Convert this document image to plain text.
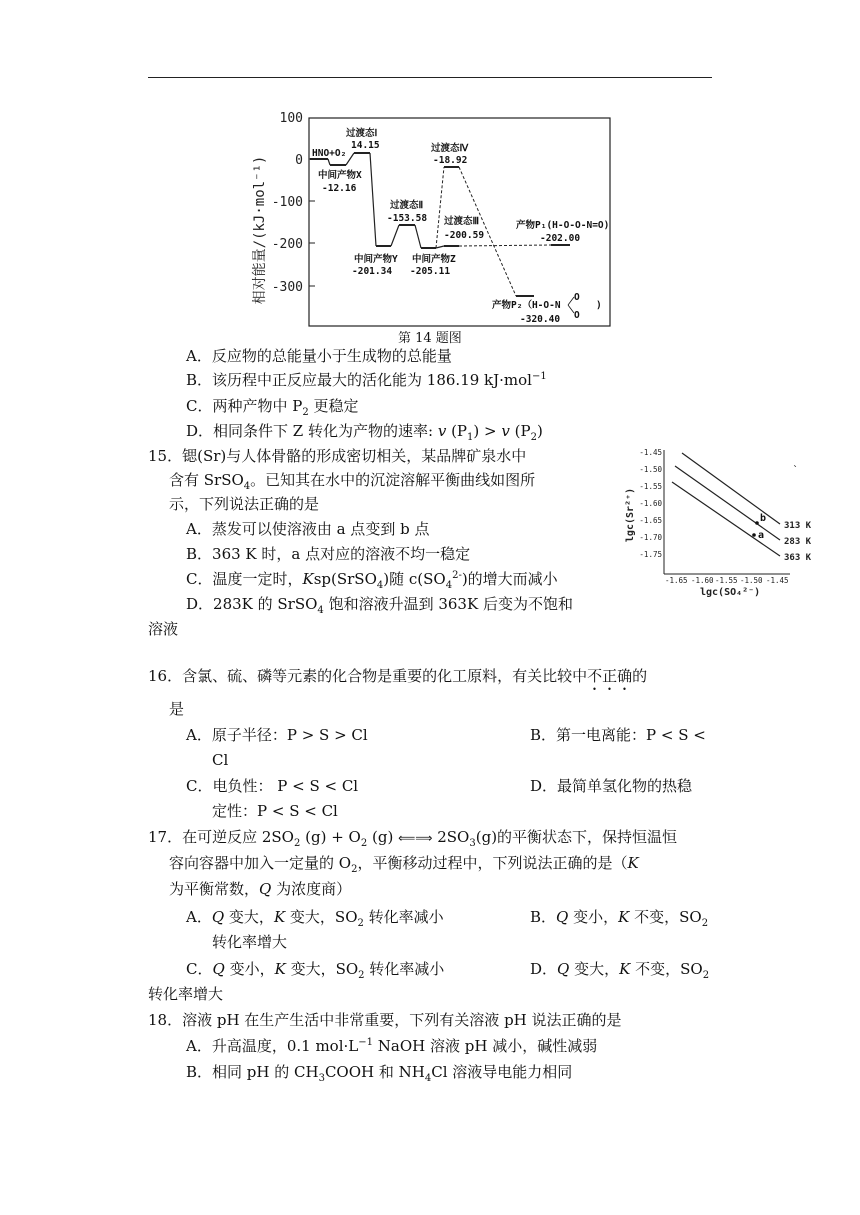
100
0
-100
-200
-300
相对能量/(kJ·mol⁻¹)
HNO+O₂
过渡态Ⅰ
14.15
中间产物X
-12.16
过渡态Ⅳ
-18.92
过渡态Ⅱ
-153.58 过渡态Ⅲ
-200.59
中间产物Y
-201.34
中间产物Z
-205.11
产物P₁(H-O-O-N=O)
-202.00
产物P₂（H-O-N
O
O
)
-320.40
第 14 题图
A．反应物的总能量小于生成物的总能量
B．该历程中正反应最大的活化能为 186.19 kJ·mol$^{-1}$
C．两种产物中 $P_2$ 更稳定
D．相同条件下 Z 转化为产物的速率: v $(P_1) > v$ $(P_2)$
15．锶(Sr)与人体骨骼的形成密切相关，某品牌矿泉水中
含有 SrSO$_4$。已知其在水中的沉淀溶解平衡曲线如图所
示，下列说法正确的是
A．蒸发可以使溶液由 a 点变到 b 点
B．363 K 时，a 点对应的溶液不均一稳定
C．温度一定时，Ksp(SrSO$_4$)随 $c(SO_4^{2-})$的增大而减小
D．283K 的 SrSO$_4$ 饱和溶液升温到 363K 后变为不饱和
溶液
-1.45
-1.50
-1.55
-1.60
-1.65
-1.70
-1.75
lgc(Sr²⁺)
-1.65 -1.60 -1.55 -1.50 -1.45
lgc(SO₄²⁻)
313 K
283 K
363 K
b
a
ˎ
16．含氯、硫、磷等元素的化合物是重要的化工原料，有关比较中不正确的
是
A．原子半径：P > S > Cl	B．第一电离能：P < S <
Cl
C．电负性： P < S < Cl	D．最简单氢化物的热稳
定性：P < S < Cl
17．在可逆反应 $2SO_2$ $(g) + O_2$ (g) ⟸⟹ $2SO_3(g)$的平衡状态下，保持恒温恒
容向容器中加入一定量的 $O_2$，平衡移动过程中，下列说法正确的是（K
为平衡常数，Q 为浓度商）
A．Q 变大，K 变大，$SO_2$ 转化率减小	B．Q 变小，K 不变，$SO_2$
转化率增大
C．Q 变小，K 变大，$SO_2$ 转化率减小	D．Q 变大，K 不变，$SO_2$
转化率增大
18．溶液 pH 在生产生活中非常重要，下列有关溶液 pH 说法正确的是
A．升高温度，0.1 $mol\cdot L^{-1}$ NaOH 溶液 pH 减小，碱性减弱
B．相同 pH 的 $CH_3COOH$ 和 $NH_4Cl$ 溶液导电能力相同
